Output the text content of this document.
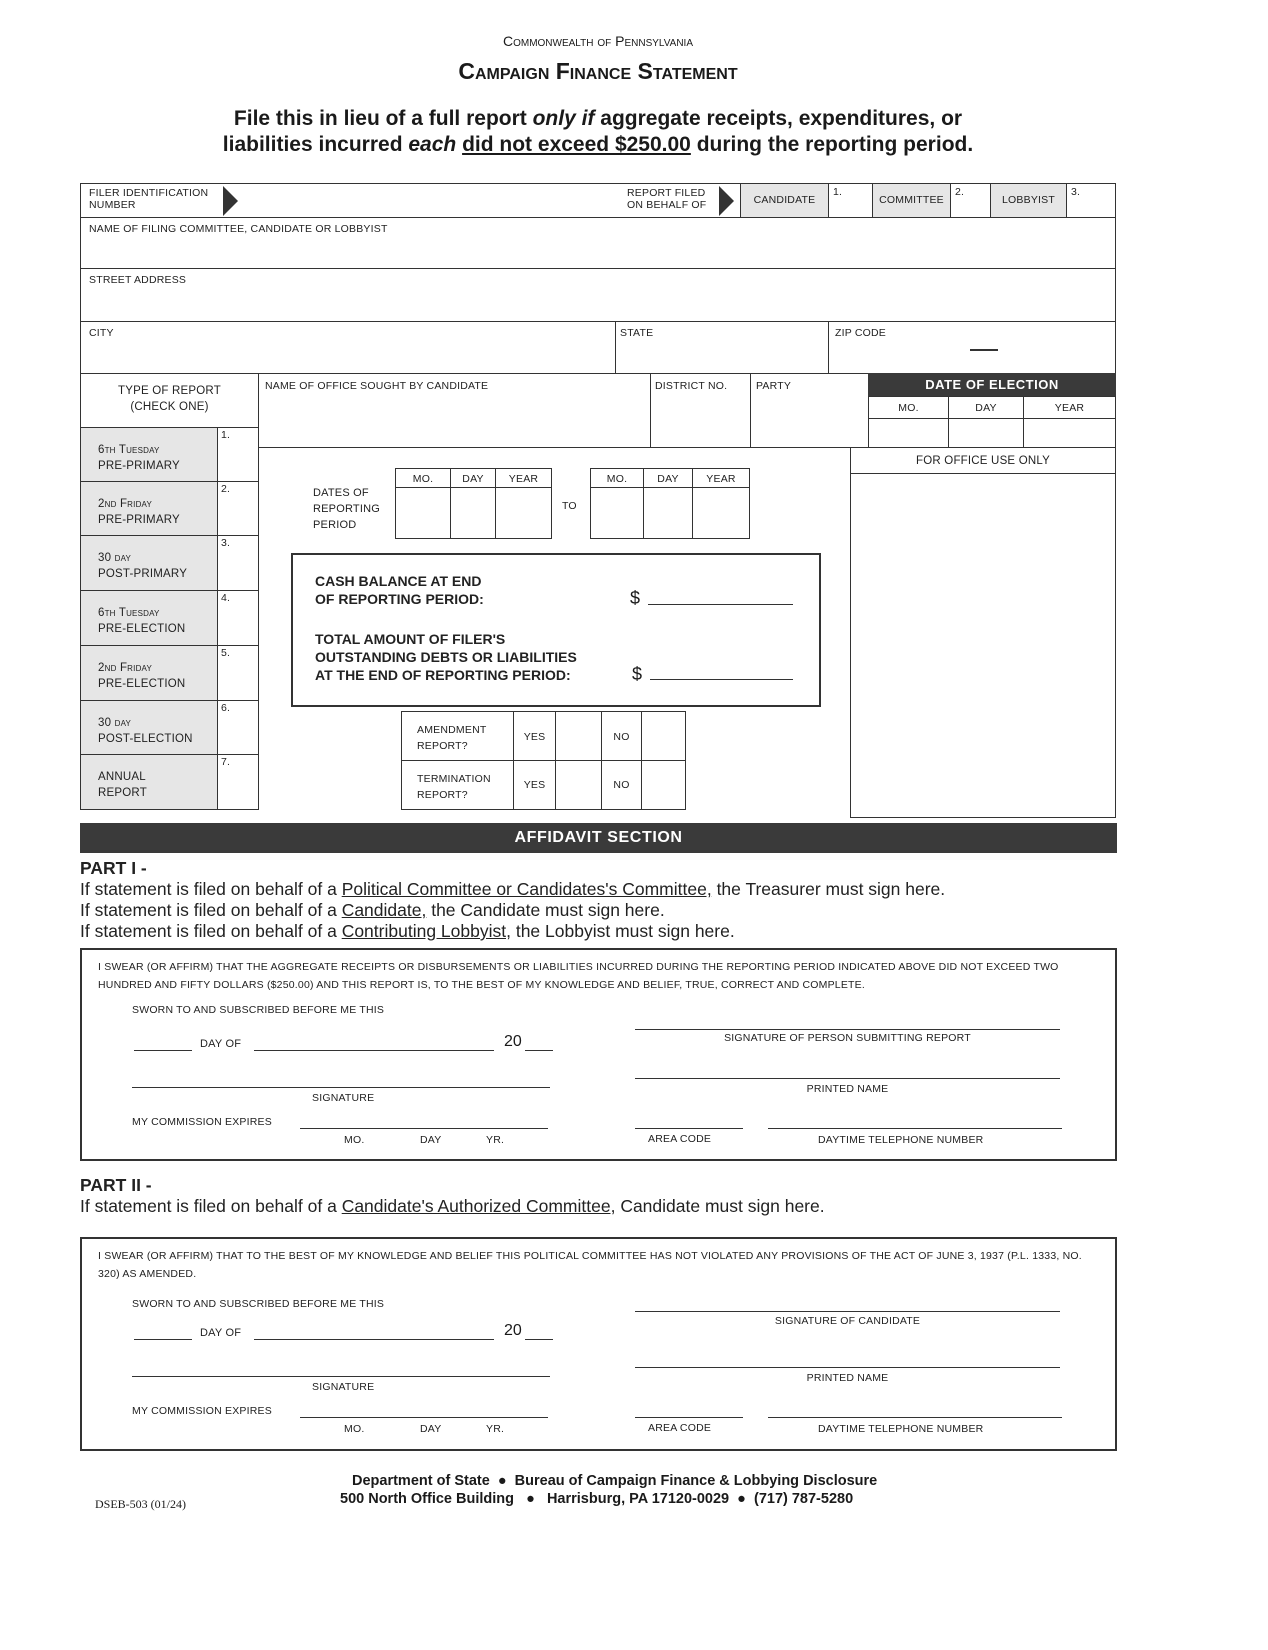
Commonwealth of Pennsylvania
Campaign Finance Statement
File this in lieu of a full report only if aggregate receipts, expenditures, or
liabilities incurred each did not exceed $250.00 during the reporting period.
FILER IDENTIFICATION NUMBER
REPORT FILED ON BEHALF OF	CANDIDATE
1.
COMMITTEE
2.
LOBBYIST
3.
NAME OF FILING COMMITTEE, CANDIDATE OR LOBBYIST
STREET ADDRESS
CITY	STATE	ZIP CODE
TYPE OF REPORT
(CHECK ONE)
NAME OF OFFICE SOUGHT BY CANDIDATE	DISTRICT NO.	PARTY	DATE OF ELECTION
MO.	DAY	YEAR
6th Tuesday
PRE-PRIMARY
1.
2nd Friday
PRE-PRIMARY
2.
30 day
POST-PRIMARY
3.
6th Tuesday
PRE-ELECTION
4.
2nd Friday
PRE-ELECTION
5.
30 day
POST-ELECTION
6.
ANNUAL
REPORT
7.
DATES OF
REPORTING
PERIOD
MO.	DAY	YEAR
TO
MO.	DAY	YEAR
FOR OFFICE USE ONLY
CASH BALANCE AT END
OF REPORTING PERIOD:	$
TOTAL AMOUNT OF FILER'S
OUTSTANDING DEBTS OR LIABILITIES
AT THE END OF REPORTING PERIOD:	$
AMENDMENT
REPORT?
YES	NO
TERMINATION
REPORT?
YES	NO
AFFIDAVIT SECTION
PART I -
If statement is filed on behalf of a Political Committee or Candidates's Committee, the Treasurer must sign here.
If statement is filed on behalf of a Candidate, the Candidate must sign here.
If statement is filed on behalf of a Contributing Lobbyist, the Lobbyist must sign here.
I SWEAR (OR AFFIRM) THAT THE AGGREGATE RECEIPTS OR DISBURSEMENTS OR LIABILITIES INCURRED DURING THE REPORTING PERIOD INDICATED ABOVE DID NOT EXCEED TWO HUNDRED AND FIFTY DOLLARS ($250.00) AND THIS REPORT IS, TO THE BEST OF MY KNOWLEDGE AND BELIEF, TRUE, CORRECT AND COMPLETE.
SWORN TO AND SUBSCRIBED BEFORE ME THIS
DAY OF	20
SIGNATURE
MY COMMISSION EXPIRES
MO.	DAY	YR.
SIGNATURE OF PERSON SUBMITTING REPORT
PRINTED NAME
AREA CODE	DAYTIME TELEPHONE NUMBER
PART II -
If statement is filed on behalf of a Candidate's Authorized Committee, Candidate must sign here.
I SWEAR (OR AFFIRM) THAT TO THE BEST OF MY KNOWLEDGE AND BELIEF THIS POLITICAL COMMITTEE HAS NOT VIOLATED ANY PROVISIONS OF THE ACT OF JUNE 3, 1937 (P.L. 1333, NO. 320) AS AMENDED.
SWORN TO AND SUBSCRIBED BEFORE ME THIS
DAY OF	20
SIGNATURE
MY COMMISSION EXPIRES
MO.	DAY	YR.
SIGNATURE OF CANDIDATE
PRINTED NAME
AREA CODE	DAYTIME TELEPHONE NUMBER
Department of State  ●  Bureau of Campaign Finance & Lobbying Disclosure
500 North Office Building   ●   Harrisburg, PA 17120-0029  ●  (717) 787-5280
DSEB-503 (01/24)
